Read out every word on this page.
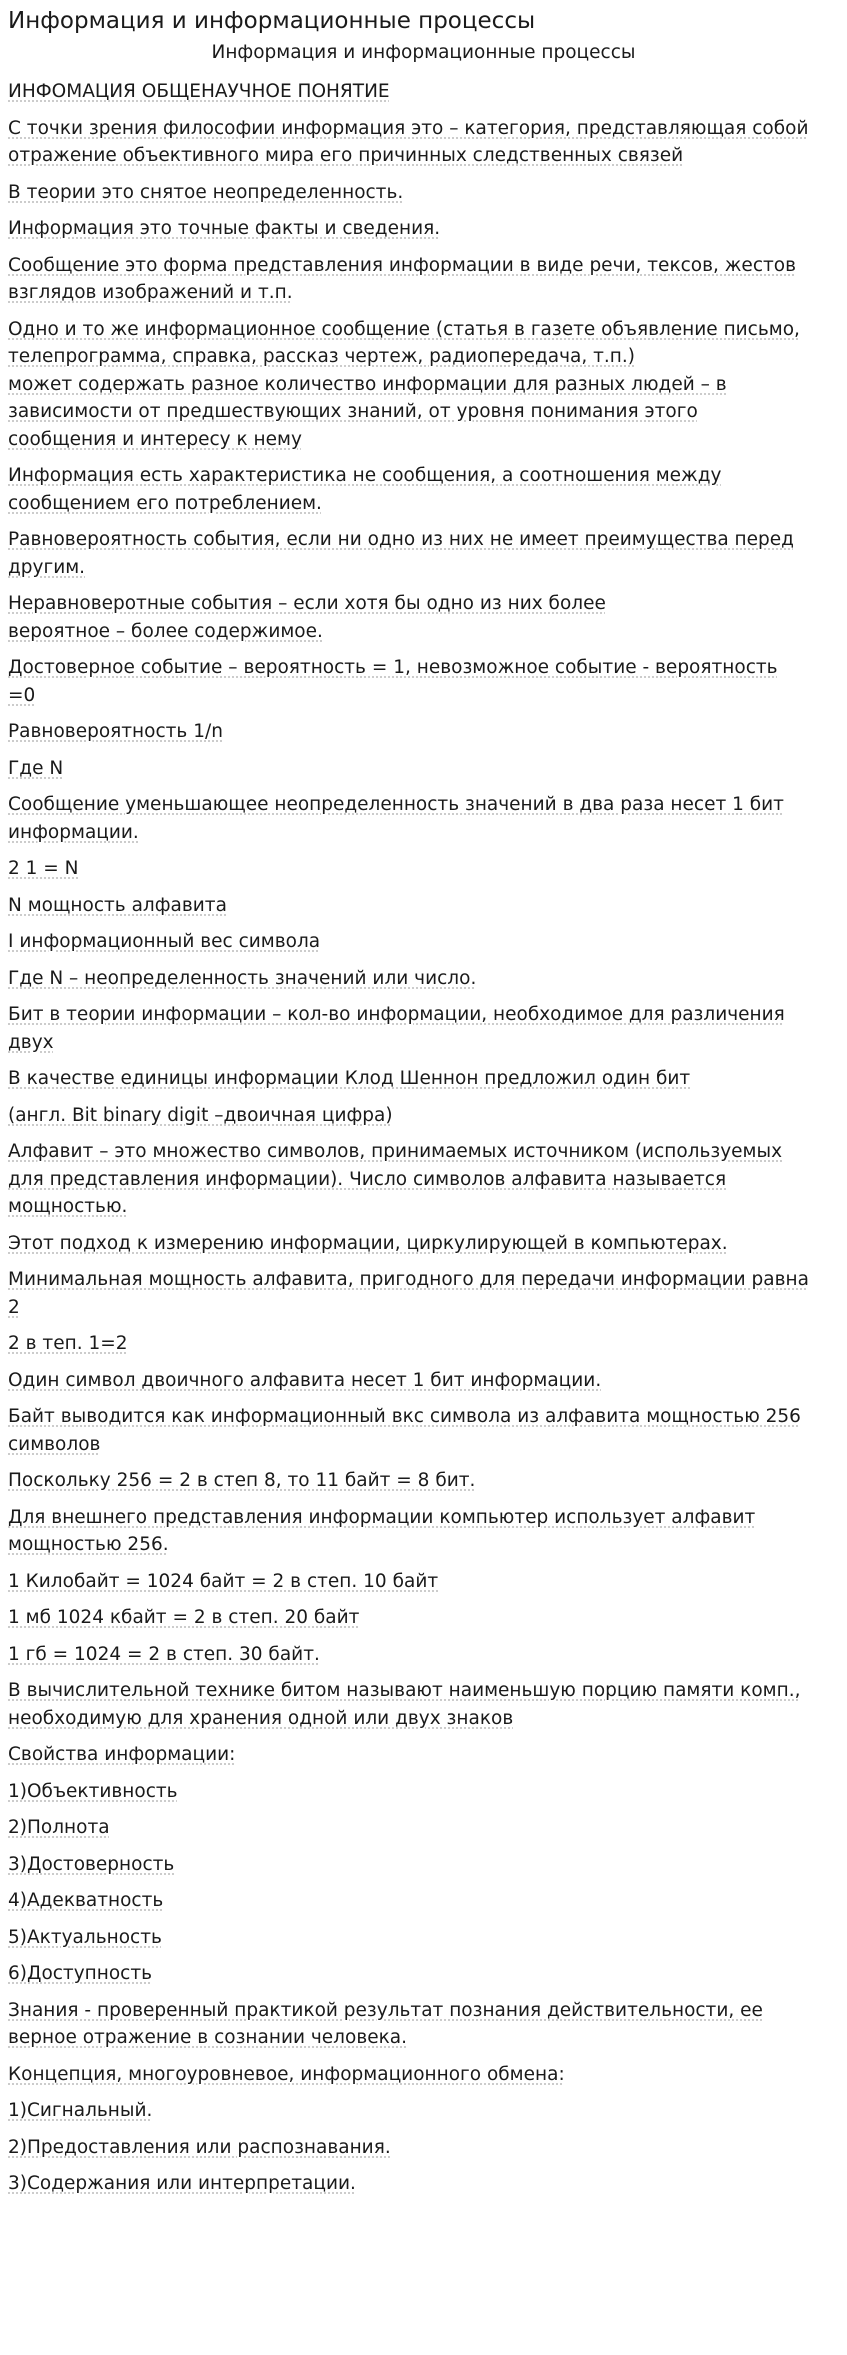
Информация и информационные процессы
Информация и информационные процессы

ИНФОМАЦИЯ ОБЩЕНАУЧНОЕ ПОНЯТИЕ

С точки зрения философии информация это – категория, представляющая собой
отражение объективного мира его причинных следственных связей

В теории это снятое неопределенность.

Информация это точные факты и сведения.

Сообщение это форма представления информации в виде речи, тексов, жестов
взглядов изображений и т.п.

Одно и то же информационное сообщение (статья в газете объявление письмо,
телепрограмма, справка, рассказ чертеж, радиопередача, т.п.)
может содержать разное количество информации для разных людей – в
зависимости от предшествующих знаний, от уровня понимания этого
сообщения и интересу к нему

Информация есть характеристика не сообщения, а соотношения между
сообщением его потреблением.

Равновероятность события, если ни одно из них не имеет преимущества перед
другим.

Неравноверотные события – если хотя бы одно из них более
вероятное – более содержимое.

Достоверное событие – вероятность = 1, невозможное событие - вероятность
=0

Равновероятность 1/n

Где N

Сообщение уменьшающее неопределенность значений в два раза несет 1 бит
информации.

2 1 = N

N мощность алфавита

I информационный вес символа

Где N – неопределенность значений или число.

Бит в теории информации – кол-во информации, необходимое для различения
двух

В качестве единицы информации Клод Шеннон предложил один бит

(англ. Bit binary digit –двоичная цифра)

Алфавит – это множество символов, принимаемых источником (используемых
для представления информации). Число символов алфавита называется
мощностью.

Этот подход к измерению информации, циркулирующей в компьютерах.

Минимальная мощность алфавита, пригодного для передачи информации равна
2

2 в теп. 1=2

Один символ двоичного алфавита несет 1 бит информации.

Байт выводится как информационный вкс символа из алфавита мощностью 256
символов

Поскольку 256 = 2 в степ 8, то 11 байт = 8 бит.

Для внешнего представления информации компьютер использует алфавит
мощностью 256.

1 Килобайт = 1024 байт = 2 в степ. 10 байт

1 мб 1024 кбайт = 2 в степ. 20 байт

1 гб = 1024 = 2 в степ. 30 байт.

В вычислительной технике битом называют наименьшую порцию памяти комп.,
необходимую для хранения одной или двух знаков

Свойства информации:

1)Объективность

2)Полнота

3)Достоверность

4)Адекватность

5)Актуальность

6)Доступность

Знания - проверенный практикой результат познания действительности, ее
верное отражение в сознании человека.

Концепция, многоуровневое, информационного обмена:

1)Сигнальный.

2)Предоставления или распознавания.

3)Содержания или интерпретации.
